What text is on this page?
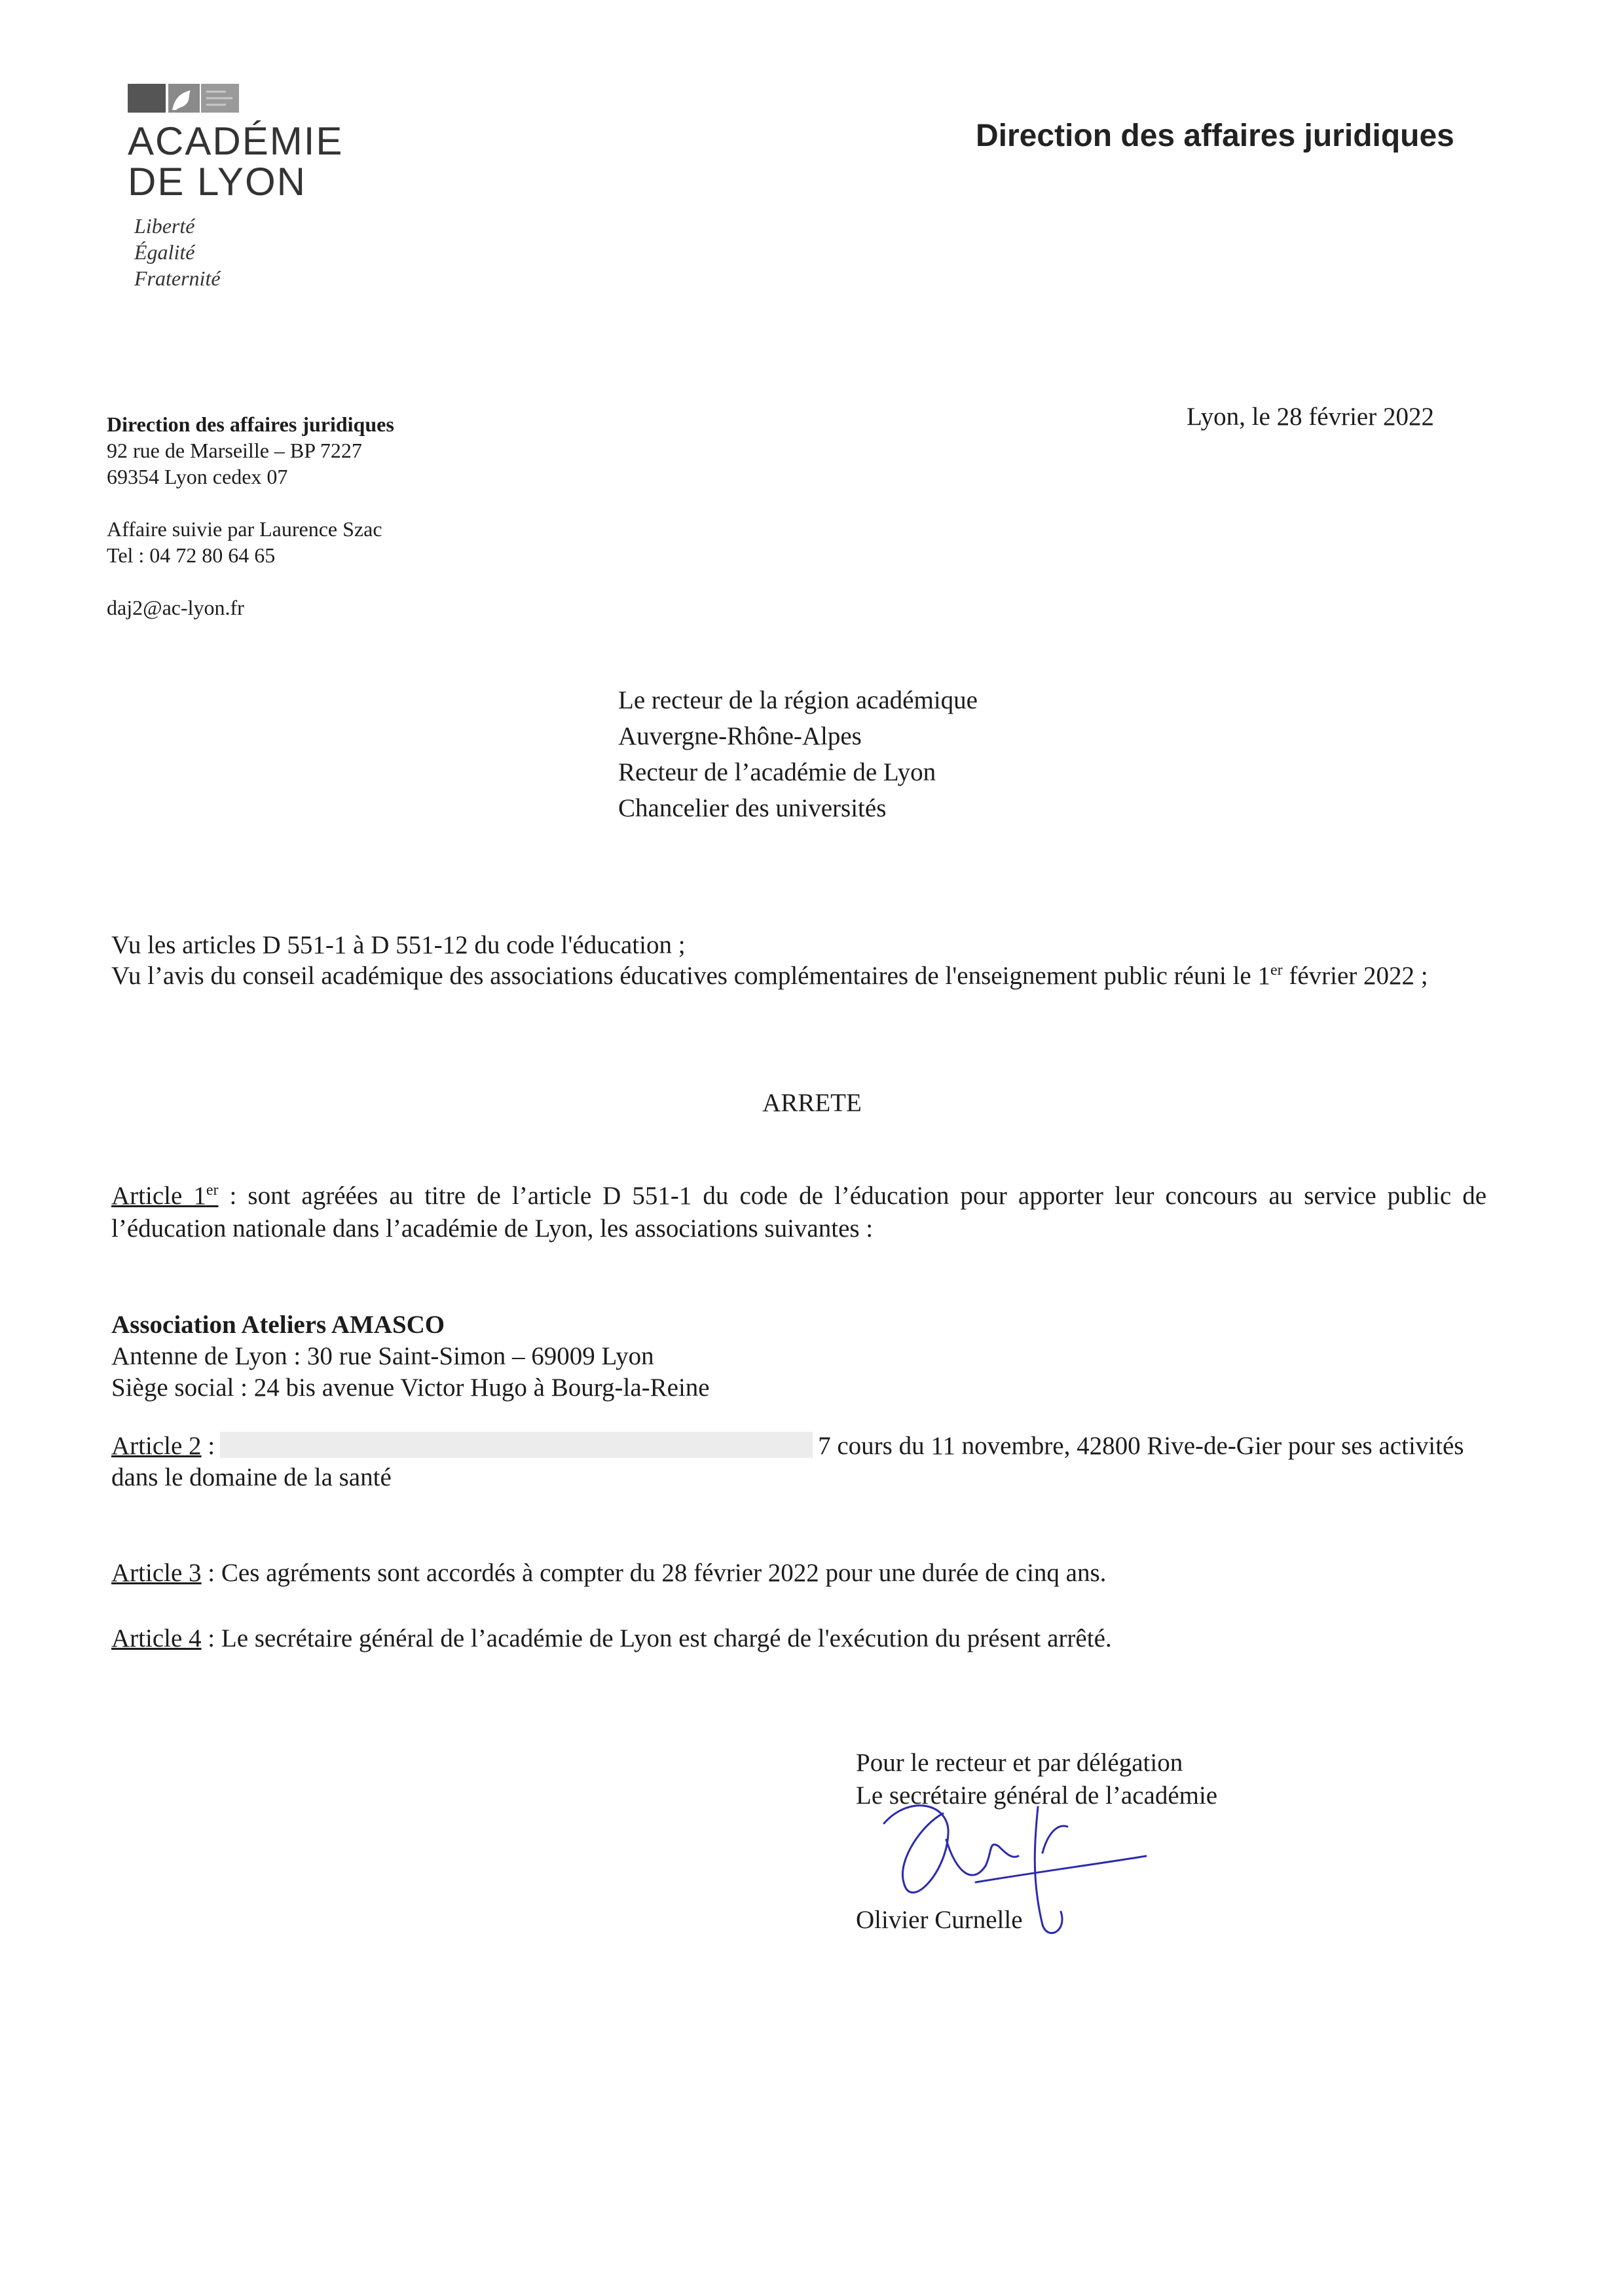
ACADÉMIE
DE LYON
Liberté
Égalité
Fraternité
Direction des affaires juridiques
Direction des affaires juridiques
92 rue de Marseille – BP 7227
69354 Lyon cedex 07
Affaire suivie par Laurence Szac
Tel : 04 72 80 64 65
daj2@ac-lyon.fr
Lyon, le 28 février 2022
Le recteur de la région académique
Auvergne-Rhône-Alpes
Recteur de l’académie de Lyon
Chancelier des universités
Vu les articles D 551-1 à D 551-12 du code l'éducation ;
Vu l’avis du conseil académique des associations éducatives complémentaires de l'enseignement public réuni le 1er février 2022 ;
ARRETE
Article 1er : sont agréées au titre de l’article D 551-1 du code de l’éducation pour apporter leur concours au service public de l’éducation nationale dans l’académie de Lyon, les associations suivantes :
Association Ateliers AMASCO
Antenne de Lyon : 30 rue Saint-Simon – 69009 Lyon
Siège social : 24 bis avenue Victor Hugo à Bourg-la-Reine
Article 2 :	7 cours du 11 novembre, 42800 Rive-de-Gier pour ses activités dans le domaine de la santé
Article 3 : Ces agréments sont accordés à compter du 28 février 2022 pour une durée de cinq ans.
Article 4 : Le secrétaire général de l’académie de Lyon est chargé de l'exécution du présent arrêté.
Pour le recteur et par délégation
Le secrétaire général de l’académie
Olivier Curnelle
